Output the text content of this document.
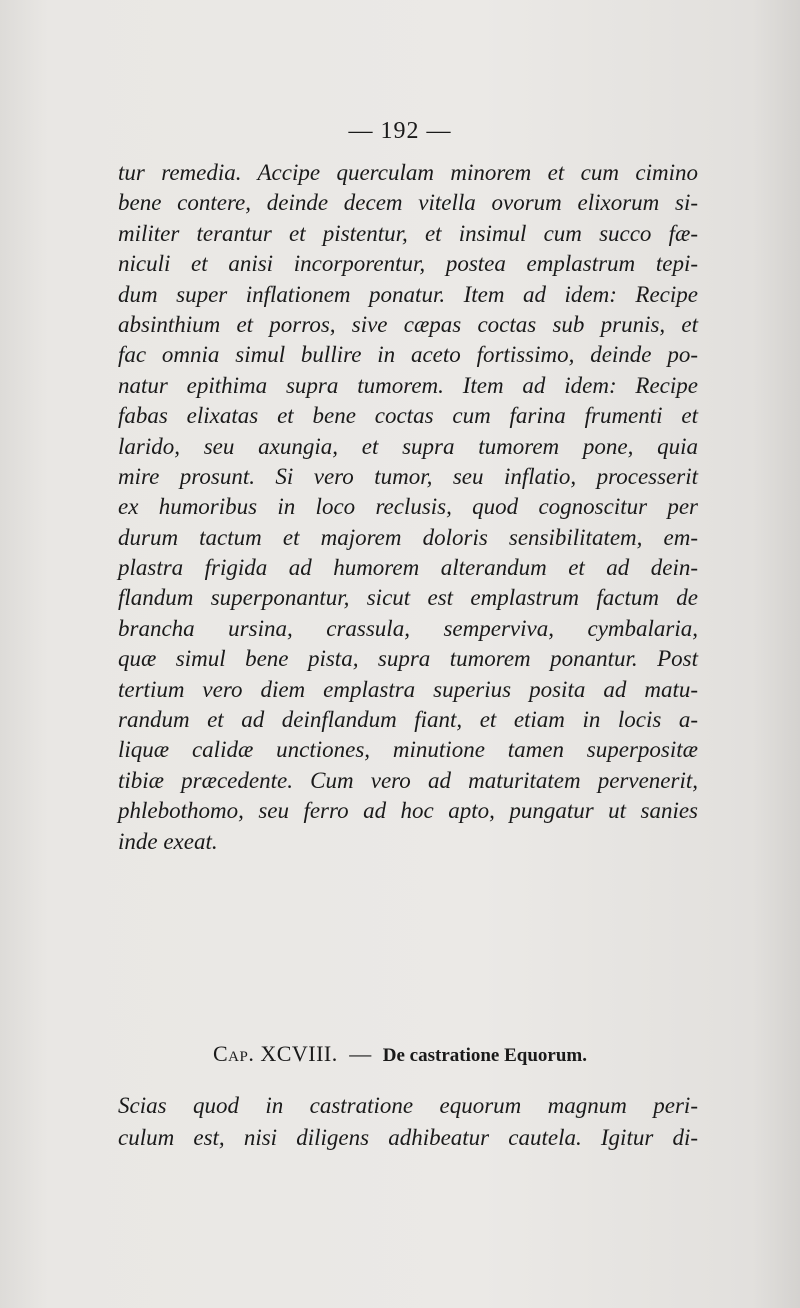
— 192 —
tur remedia. Accipe querculam minorem et cum cimino
bene contere, deinde decem vitella ovorum elixorum si-
militer terantur et pistentur, et insimul cum succo fæ-
niculi et anisi incorporentur, postea emplastrum tepi-
dum super inflationem ponatur. Item ad idem: Recipe
absinthium et porros, sive cæpas coctas sub prunis, et
fac omnia simul bullire in aceto fortissimo, deinde po-
natur epithima supra tumorem. Item ad idem: Recipe
fabas elixatas et bene coctas cum farina frumenti et
larido, seu axungia, et supra tumorem pone, quia
mire prosunt. Si vero tumor, seu inflatio, processerit
ex humoribus in loco reclusis, quod cognoscitur per
durum tactum et majorem doloris sensibilitatem, em-
plastra frigida ad humorem alterandum et ad dein-
flandum superponantur, sicut est emplastrum factum de
brancha ursina, crassula, semperviva, cymbalaria,
quæ simul bene pista, supra tumorem ponantur. Post
tertium vero diem emplastra superius posita ad matu-
randum et ad deinflandum fiant, et etiam in locis a-
liquæ calidæ unctiones, minutione tamen superpositæ
tibiæ præcedente. Cum vero ad maturitatem pervenerit,
phlebothomo, seu ferro ad hoc apto, pungatur ut sanies
inde exeat.
Cap. XCVIII. — De castratione Equorum.
Scias quod in castratione equorum magnum peri-
culum est, nisi diligens adhibeatur cautela. Igitur di-
